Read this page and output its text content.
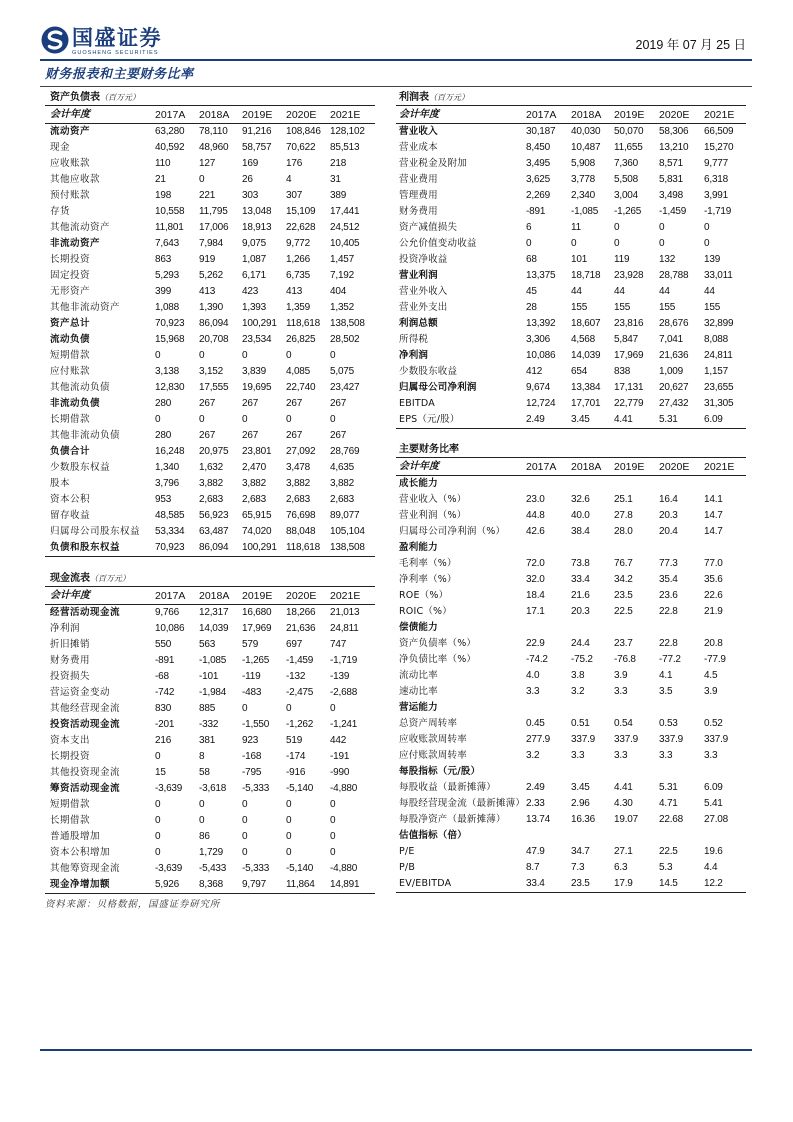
国盛证券
GUOSHENG SECURITIES
2019 年 07 月 25 日
财务报表和主要财务比率
资产负债表（百万元）
会计年度	2017A	2018A	2019E	2020E	2021E
流动资产	63,280	78,110	91,216	108,846	128,102
现金	40,592	48,960	58,757	70,622	85,513
应收账款	110	127	169	176	218
其他应收款	21	0	26	4	31
预付账款	198	221	303	307	389
存货	10,558	11,795	13,048	15,109	17,441
其他流动资产	11,801	17,006	18,913	22,628	24,512
非流动资产	7,643	7,984	9,075	9,772	10,405
长期投资	863	919	1,087	1,266	1,457
固定投资	5,293	5,262	6,171	6,735	7,192
无形资产	399	413	423	413	404
其他非流动资产	1,088	1,390	1,393	1,359	1,352
资产总计	70,923	86,094	100,291	118,618	138,508
流动负债	15,968	20,708	23,534	26,825	28,502
短期借款	0	0	0	0	0
应付账款	3,138	3,152	3,839	4,085	5,075
其他流动负债	12,830	17,555	19,695	22,740	23,427
非流动负债	280	267	267	267	267
长期借款	0	0	0	0	0
其他非流动负债	280	267	267	267	267
负债合计	16,248	20,975	23,801	27,092	28,769
少数股东权益	1,340	1,632	2,470	3,478	4,635
股本	3,796	3,882	3,882	3,882	3,882
资本公积	953	2,683	2,683	2,683	2,683
留存收益	48,585	56,923	65,915	76,698	89,077
归属母公司股东权益	53,334	63,487	74,020	88,048	105,104
负债和股东权益	70,923	86,094	100,291	118,618	138,508
现金流表（百万元）
会计年度	2017A	2018A	2019E	2020E	2021E
经营活动现金流	9,766	12,317	16,680	18,266	21,013
净利润	10,086	14,039	17,969	21,636	24,811
折旧摊销	550	563	579	697	747
财务费用	-891	-1,085	-1,265	-1,459	-1,719
投资损失	-68	-101	-119	-132	-139
营运资金变动	-742	-1,984	-483	-2,475	-2,688
其他经营现金流	830	885	0	0	0
投资活动现金流	-201	-332	-1,550	-1,262	-1,241
资本支出	216	381	923	519	442
长期投资	0	8	-168	-174	-191
其他投资现金流	15	58	-795	-916	-990
筹资活动现金流	-3,639	-3,618	-5,333	-5,140	-4,880
短期借款	0	0	0	0	0
长期借款	0	0	0	0	0
普通股增加	0	86	0	0	0
资本公积增加	0	1,729	0	0	0
其他筹资现金流	-3,639	-5,433	-5,333	-5,140	-4,880
现金净增加额	5,926	8,368	9,797	11,864	14,891
利润表（百万元）
会计年度	2017A	2018A	2019E	2020E	2021E
营业收入	30,187	40,030	50,070	58,306	66,509
营业成本	8,450	10,487	11,655	13,210	15,270
营业税金及附加	3,495	5,908	7,360	8,571	9,777
营业费用	3,625	3,778	5,508	5,831	6,318
管理费用	2,269	2,340	3,004	3,498	3,991
财务费用	-891	-1,085	-1,265	-1,459	-1,719
资产减值损失	6	11	0	0	0
公允价值变动收益	0	0	0	0	0
投资净收益	68	101	119	132	139
营业利润	13,375	18,718	23,928	28,788	33,011
营业外收入	45	44	44	44	44
营业外支出	28	155	155	155	155
利润总额	13,392	18,607	23,816	28,676	32,899
所得税	3,306	4,568	5,847	7,041	8,088
净利润	10,086	14,039	17,969	21,636	24,811
少数股东收益	412	654	838	1,009	1,157
归属母公司净利润	9,674	13,384	17,131	20,627	23,655
EBITDA	12,724	17,701	22,779	27,432	31,305
EPS（元/股）	2.49	3.45	4.41	5.31	6.09
主要财务比率
会计年度	2017A	2018A	2019E	2020E	2021E
成长能力					
营业收入（%）	23.0	32.6	25.1	16.4	14.1
营业利润（%）	44.8	40.0	27.8	20.3	14.7
归属母公司净利润（%）	42.6	38.4	28.0	20.4	14.7
盈利能力					
毛利率（%）	72.0	73.8	76.7	77.3	77.0
净利率（%）	32.0	33.4	34.2	35.4	35.6
ROE（%）	18.4	21.6	23.5	23.6	22.6
ROIC（%）	17.1	20.3	22.5	22.8	21.9
偿债能力					
资产负债率（%）	22.9	24.4	23.7	22.8	20.8
净负债比率（%）	-74.2	-75.2	-76.8	-77.2	-77.9
流动比率	4.0	3.8	3.9	4.1	4.5
速动比率	3.3	3.2	3.3	3.5	3.9
营运能力					
总资产周转率	0.45	0.51	0.54	0.53	0.52
应收账款周转率	277.9	337.9	337.9	337.9	337.9
应付账款周转率	3.2	3.3	3.3	3.3	3.3
每股指标（元/股）					
每股收益（最新摊薄）	2.49	3.45	4.41	5.31	6.09
每股经营现金流（最新摊薄）	2.33	2.96	4.30	4.71	5.41
每股净资产（最新摊薄）	13.74	16.36	19.07	22.68	27.08
估值指标（倍）					
P/E	47.9	34.7	27.1	22.5	19.6
P/B	8.7	7.3	6.3	5.3	4.4
EV/EBITDA	33.4	23.5	17.9	14.5	12.2
资料来源：贝格数据，国盛证券研究所
